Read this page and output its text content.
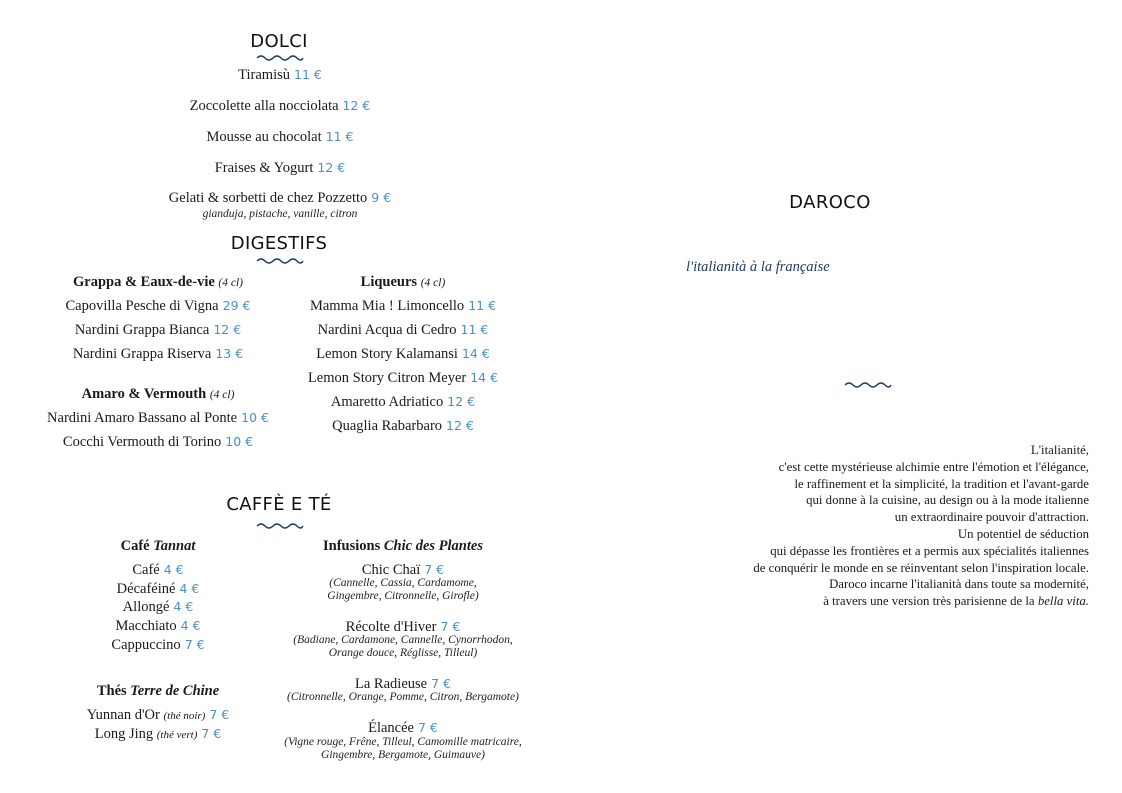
DOLCI
Tiramisù 11 €
Zoccolette alla nocciolata 12 €
Mousse au chocolat 11 €
Fraises & Yogurt 12 €
Gelati & sorbetti de chez Pozzetto 9 €
gianduja, pistache, vanille, citron
DIGESTIFS
Grappa & Eaux-de-vie (4 cl)
Capovilla Pesche di Vigna 29 €
Nardini Grappa Bianca 12 €
Nardini Grappa Riserva 13 €
Amaro & Vermouth (4 cl)
Nardini Amaro Bassano al Ponte 10 €
Cocchi Vermouth di Torino 10 €
Liqueurs (4 cl)
Mamma Mia ! Limoncello 11 €
Nardini Acqua di Cedro 11 €
Lemon Story Kalamansi 14 €
Lemon Story Citron Meyer 14 €
Amaretto Adriatico 12 €
Quaglia Rabarbaro 12 €
CAFFÈ E TÉ
Café Tannat
Café 4 €
Décaféiné 4 €
Allongé 4 €
Macchiato 4 €
Cappuccino 7 €
Thés Terre de Chine
Yunnan d'Or (thé noir) 7 €
Long Jing (thé vert) 7 €
Infusions Chic des Plantes
Chic Chaï 7 €
(Cannelle, Cassia, Cardamome,
Gingembre, Citronnelle, Girofle)
Récolte d'Hiver 7 €
(Badiane, Cardamone, Cannelle, Cynorrhodon,
Orange douce, Réglisse, Tilleul)
La Radieuse 7 €
(Citronnelle, Orange, Pomme, Citron, Bergamote)
Élancée 7 €
(Vigne rouge, Frêne, Tilleul, Camomille matricaire,
Gingembre, Bergamote, Guimauve)
DAROCO
l'italianità à la française
L'italianité,
c'est cette mystérieuse alchimie entre l'émotion et l'élégance,
le raffinement et la simplicité, la tradition et l'avant-garde
qui donne à la cuisine, au design ou à la mode italienne
un extraordinaire pouvoir d'attraction.
Un potentiel de séduction
qui dépasse les frontières et a permis aux spécialités italiennes
de conquérir le monde en se réinventant selon l'inspiration locale.
Daroco incarne l'italianità dans toute sa modernité,
à travers une version très parisienne de la bella vita.
